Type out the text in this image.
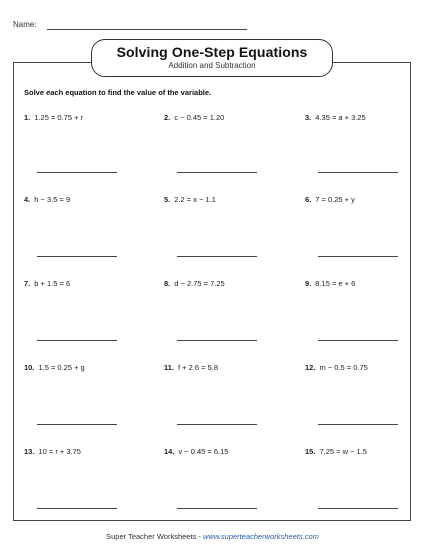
Name:
Solving One-Step Equations
Addition and Subtraction
Solve each equation to find the value of the variable.
1. 1.25 = 0.75 + r	2. c − 0.45 = 1.20	3. 4.35 = a + 3.25
4. h − 3.5 = 9	5. 2.2 = x − 1.1	6. 7 = 0.25 + y
7. b + 1.5 = 6	8. d − 2.75 = 7.25	9. 8.15 = e + 6
10. 1.5 = 0.25 + g	11. f + 2.6 = 5.8	12. m − 0.5 = 0.75
13. 10 = r + 3.75	14. v − 0.45 = 6.15	15. 7.25 = w − 1.5
Super Teacher Worksheets - www.superteacherworksheets.com
